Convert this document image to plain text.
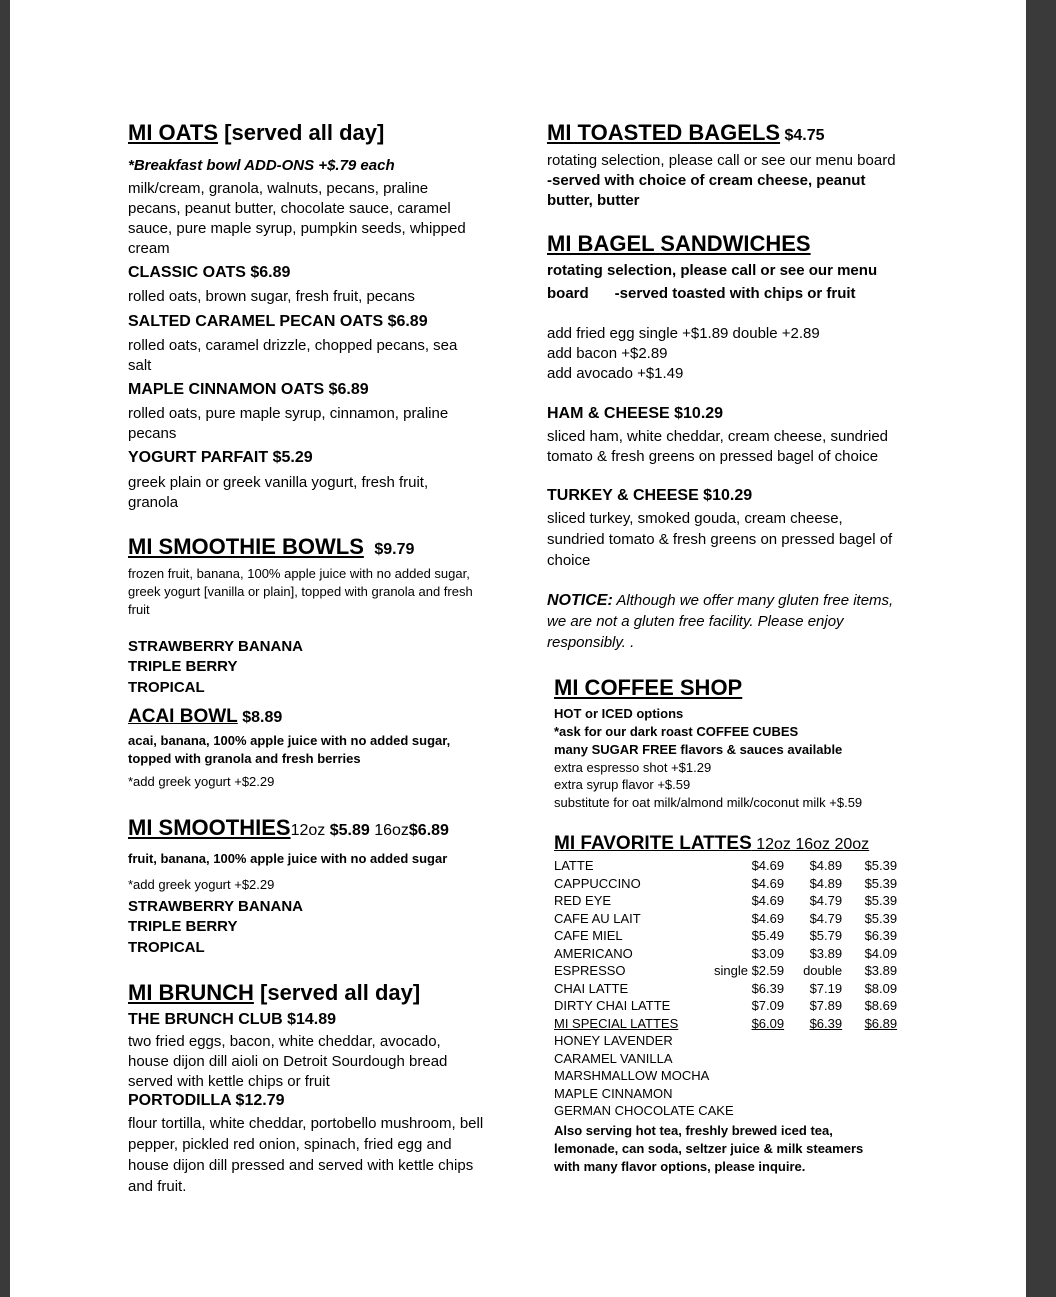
MI OATS [served all day]
*Breakfast bowl ADD-ONS +$.79 each
milk/cream, granola, walnuts, pecans, praline pecans, peanut butter, chocolate sauce, caramel sauce, pure maple syrup, pumpkin seeds, whipped cream
CLASSIC OATS $6.89
rolled oats, brown sugar, fresh fruit, pecans
SALTED CARAMEL PECAN OATS $6.89
rolled oats, caramel drizzle, chopped pecans, sea salt
MAPLE CINNAMON OATS $6.89
rolled oats, pure maple syrup, cinnamon, praline pecans
YOGURT PARFAIT $5.29
greek plain or greek vanilla yogurt, fresh fruit, granola
MI SMOOTHIE BOWLS $9.79
frozen fruit, banana, 100% apple juice with no added sugar, greek yogurt [vanilla or plain], topped with granola and fresh fruit
STRAWBERRY BANANA
TRIPLE BERRY
TROPICAL
ACAI BOWL $8.89
acai, banana, 100% apple juice with no added sugar, topped with granola and fresh berries
*add greek yogurt +$2.29
MI SMOOTHIES12oz $5.89 16oz$6.89
fruit, banana, 100% apple juice with no added sugar
*add greek yogurt +$2.29
STRAWBERRY BANANA
TRIPLE BERRY
TROPICAL
MI BRUNCH [served all day]
THE BRUNCH CLUB $14.89
two fried eggs, bacon, white cheddar, avocado, house dijon dill aioli on Detroit Sourdough bread served with kettle chips or fruit
PORTODILLA $12.79
flour tortilla, white cheddar, portobello mushroom, bell pepper, pickled red onion, spinach, fried egg and house dijon dill pressed and served with kettle chips and fruit.
MI TOASTED BAGELS $4.75
rotating selection, please call or see our menu board
-served with choice of cream cheese, peanut butter, butter
MI BAGEL SANDWICHES
rotating selection, please call or see our menu
board -served toasted with chips or fruit
add fried egg single +$1.89 double +2.89
add bacon +$2.89
add avocado +$1.49
HAM & CHEESE $10.29
sliced ham, white cheddar, cream cheese, sundried tomato & fresh greens on pressed bagel of choice
TURKEY & CHEESE $10.29
sliced turkey, smoked gouda, cream cheese, sundried tomato & fresh greens on pressed bagel of choice
NOTICE: Although we offer many gluten free items, we are not a gluten free facility. Please enjoy responsibly. .
MI COFFEE SHOP
HOT or ICED options
*ask for our dark roast COFFEE CUBES
many SUGAR FREE flavors & sauces available
extra espresso shot +$1.29
extra syrup flavor +$.59
substitute for oat milk/almond milk/coconut milk +$.59
MI FAVORITE LATTES 12oz 16oz 20oz
LATTE	$4.69	$4.89	$5.39
CAPPUCCINO	$4.69	$4.89	$5.39
RED EYE	$4.69	$4.79	$5.39
CAFE AU LAIT	$4.69	$4.79	$5.39
CAFE MIEL	$5.49	$5.79	$6.39
AMERICANO	$3.09	$3.89	$4.09
ESPRESSO	single $2.59	double	$3.89
CHAI LATTE	$6.39	$7.19	$8.09
DIRTY CHAI LATTE	$7.09	$7.89	$8.69
MI SPECIAL LATTES	$6.09	$6.39	$6.89
HONEY LAVENDER			
CARAMEL VANILLA			
MARSHMALLOW MOCHA			
MAPLE CINNAMON			
GERMAN CHOCOLATE CAKE			
Also serving hot tea, freshly brewed iced tea, lemonade, can soda, seltzer juice & milk steamers with many flavor options, please inquire.
